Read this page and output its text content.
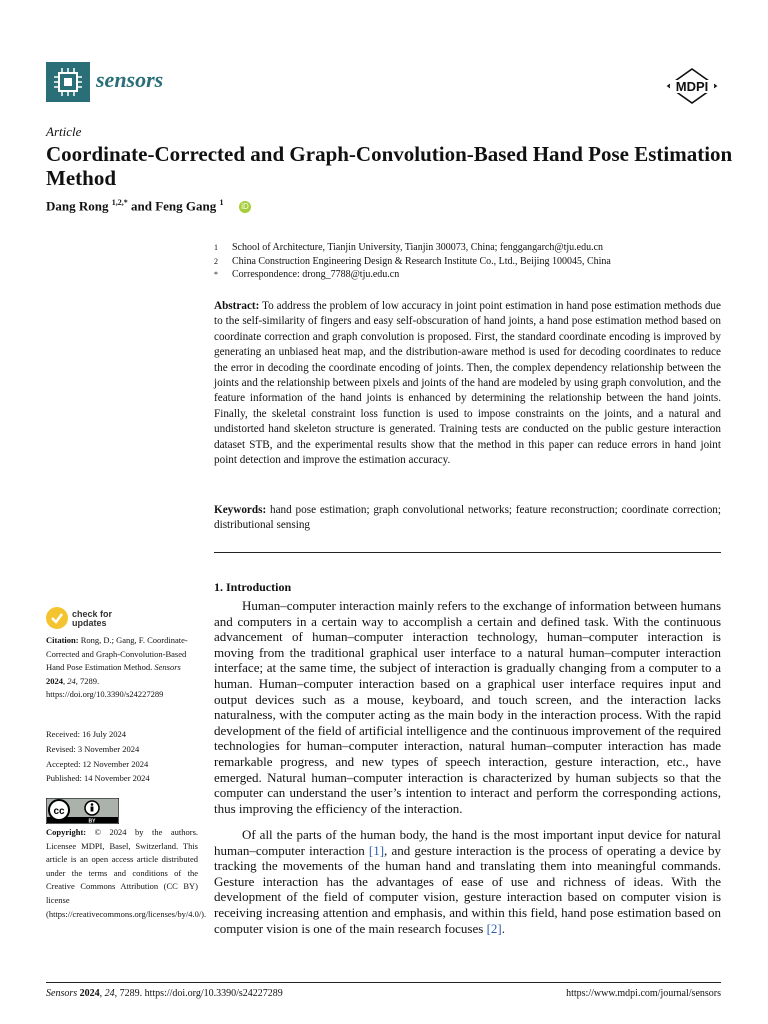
sensors	MDPI
Article
Coordinate-Corrected and Graph-Convolution-Based Hand Pose Estimation Method
Dang Rong $^{1,2,*}$ and Feng Gang $^1$ iD
1 School of Architecture, Tianjin University, Tianjin 300073, China; fenggangarch@tju.edu.cn
2 China Construction Engineering Design & Research Institute Co., Ltd., Beijing 100045, China
* Correspondence: drong_7788@tju.edu.cn
Abstract: To address the problem of low accuracy in joint point estimation in hand pose estimation methods due to the self-similarity of fingers and easy self-obscuration of hand joints, a hand pose estimation method based on coordinate correction and graph convolution is proposed. First, the standard coordinate encoding is improved by generating an unbiased heat map, and the distribution-aware method is used for decoding coordinates to reduce the error in decoding the coordinate encoding of joints. Then, the complex dependency relationship between the joints and the relationship between pixels and joints of the hand are modeled by using graph convolution, and the feature information of the hand joints is enhanced by determining the relationship between the hand joints. Finally, the skeletal constraint loss function is used to impose constraints on the joints, and a natural and undistorted hand skeleton structure is generated. Training tests are conducted on the public gesture interaction dataset STB, and the experimental results show that the method in this paper can reduce errors in hand joint point detection and improve the estimation accuracy.
Keywords: hand pose estimation; graph convolutional networks; feature reconstruction; coordinate correction; distributional sensing
1. Introduction
Human–computer interaction mainly refers to the exchange of information between humans and computers in a certain way to accomplish a certain and defined task. With the continuous advancement of human–computer interaction technology, human–computer interaction is moving from the traditional graphical user interface to a natural human–computer interaction interface; at the same time, the subject of interaction is gradually changing from a computer to a human. Human–computer interaction based on a graphical user interface requires input and output devices such as a mouse, keyboard, and touch screen, and the interaction lacks naturalness, with the computer acting as the main body in the interaction process. With the rapid development of the field of artificial intelligence and the continuous improvement of the required technologies for human–computer interaction, natural human–computer interaction has made remarkable progress, and new types of speech interaction, gesture interaction, etc., have emerged. Natural human–computer interaction is characterized by human subjects so that the computer can understand the user’s intention to interact and perform the corresponding actions, thus improving the efficiency of the interaction.
Of all the parts of the human body, the hand is the most important input device for natural human–computer interaction [1], and gesture interaction is the process of operating a device by tracking the movements of the human hand and translating them into meaningful commands. Gesture interaction has the advantages of ease of use and richness of ideas. With the development of the field of computer vision, gesture interaction based on computer vision is receiving increasing attention and emphasis, and within this field, hand pose estimation based on computer vision is one of the main research focuses [2].
check for
updates
Citation: Rong, D.; Gang, F. Coordinate-Corrected and Graph-Convolution-Based Hand Pose Estimation Method. Sensors 2024, 24, 7289. https://doi.org/10.3390/s24227289
Received: 16 July 2024
Revised: 3 November 2024
Accepted: 12 November 2024
Published: 14 November 2024
cc
BY
Copyright: © 2024 by the authors. Licensee MDPI, Basel, Switzerland. This article is an open access article distributed under the terms and conditions of the Creative Commons Attribution (CC BY) license (https://creativecommons.org/licenses/by/4.0/).
Sensors 2024, 24, 7289. https://doi.org/10.3390/s24227289	https://www.mdpi.com/journal/sensors
